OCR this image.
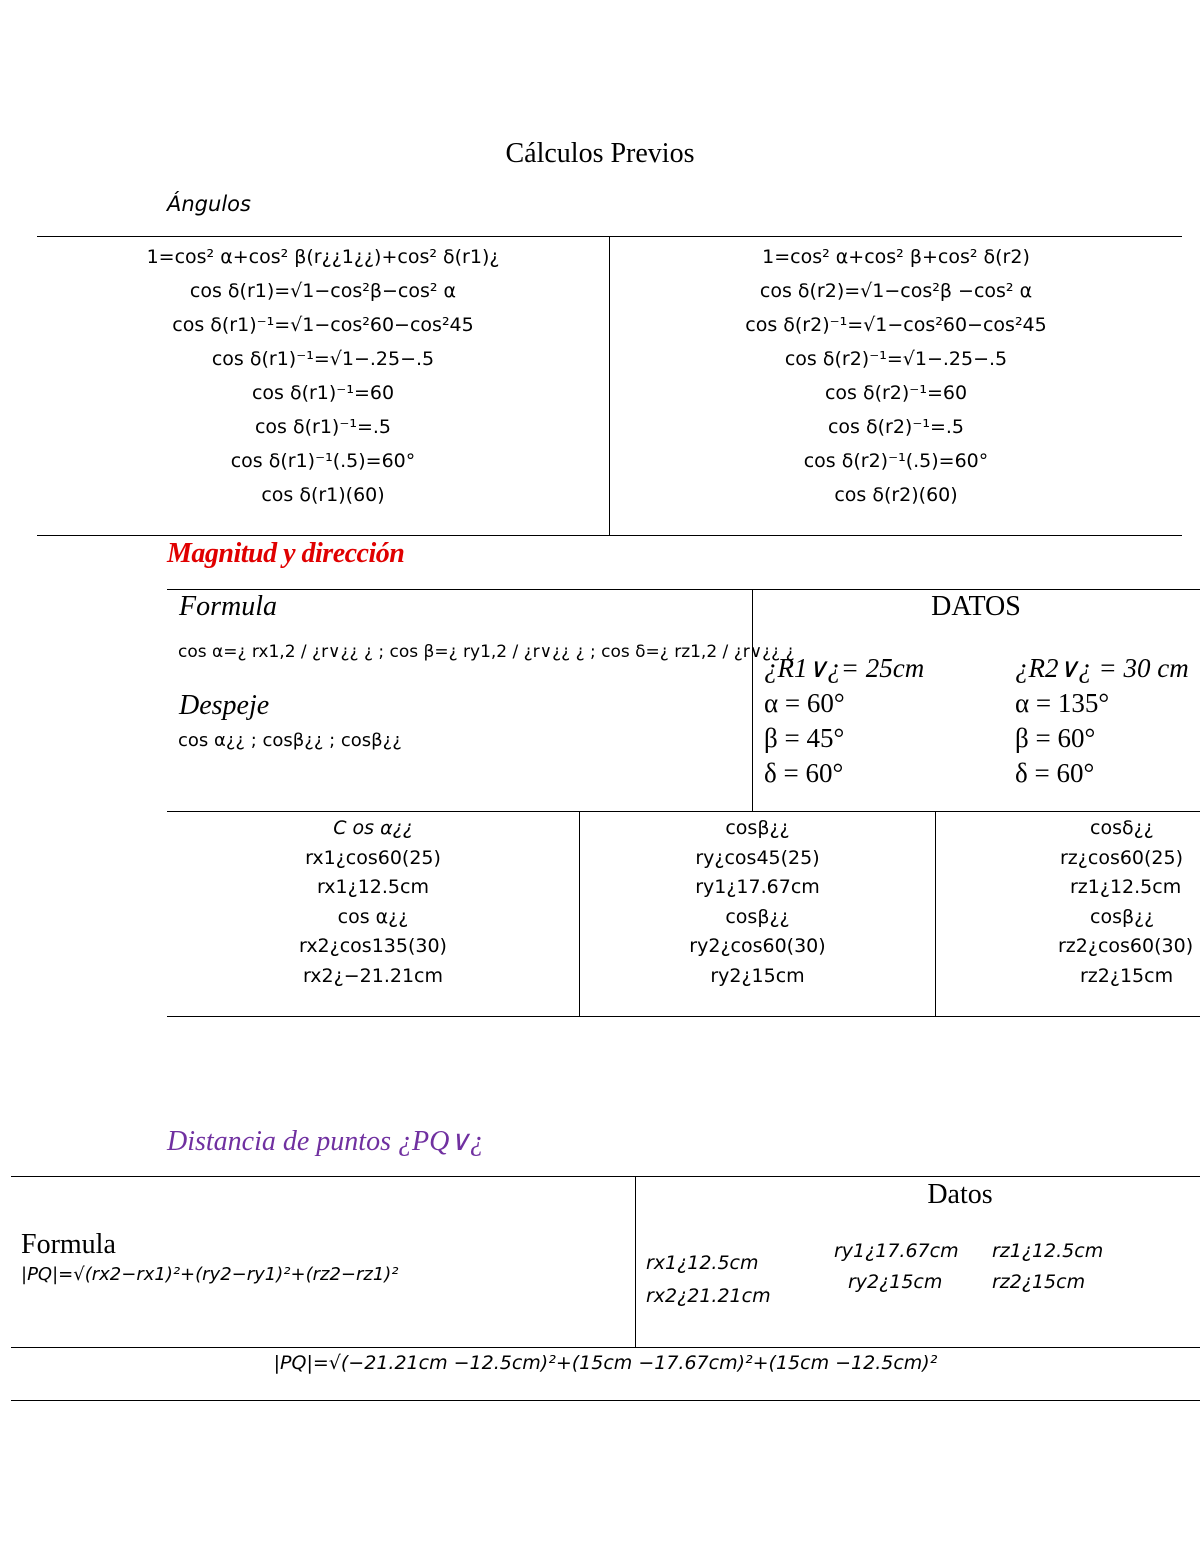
Cálculos Previos
Ángulos
1=cos² α+cos² β(r¿¿1¿¿)+cos² δ(r1)¿
cos δ(r1)=√1−cos²β−cos² α
cos δ(r1)⁻¹=√1−cos²60−cos²45
cos δ(r1)⁻¹=√1−.25−.5
cos δ(r1)⁻¹=60
cos δ(r1)⁻¹=.5
cos δ(r1)⁻¹(.5)=60°
cos δ(r1)(60)
1=cos² α+cos² β+cos² δ(r2)
cos δ(r2)=√1−cos²β −cos² α
cos δ(r2)⁻¹=√1−cos²60−cos²45
cos δ(r2)⁻¹=√1−.25−.5
cos δ(r2)⁻¹=60
cos δ(r2)⁻¹=.5
cos δ(r2)⁻¹(.5)=60°
cos δ(r2)(60)
Magnitud y dirección
Formula
cos α=¿ rx1,2 / ¿r∨¿¿ ¿ ; cos β=¿ ry1,2 / ¿r∨¿¿ ¿ ; cos δ=¿ rz1,2 / ¿r∨¿¿ ¿
Despeje
cos α¿¿ ; cosβ¿¿ ; cosβ¿¿
DATOS
¿R1∨¿= 25cm
α = 60°
β = 45°
δ = 60°
¿R2∨¿ = 30 cm
α = 135°
β = 60°
δ = 60°
C os α¿¿
rx1¿cos60(25)
rx1¿12.5cm
cos α¿¿
rx2¿cos135(30)
rx2¿−21.21cm
cosβ¿¿
ry¿cos45(25)
ry1¿17.67cm
cosβ¿¿
ry2¿cos60(30)
ry2¿15cm
cosδ¿¿
rz¿cos60(25)
rz1¿12.5cm
cosβ¿¿
rz2¿cos60(30)
rz2¿15cm
Distancia de puntos ¿PQ∨¿
Formula
|PQ|=√(rx2−rx1)²+(ry2−ry1)²+(rz2−rz1)²
Datos
rx1¿12.5cm
rx2¿21.21cm
ry1¿17.67cm
ry2¿15cm
rz1¿12.5cm
rz2¿15cm
|PQ|=√(−21.21cm −12.5cm)²+(15cm −17.67cm)²+(15cm −12.5cm)²
